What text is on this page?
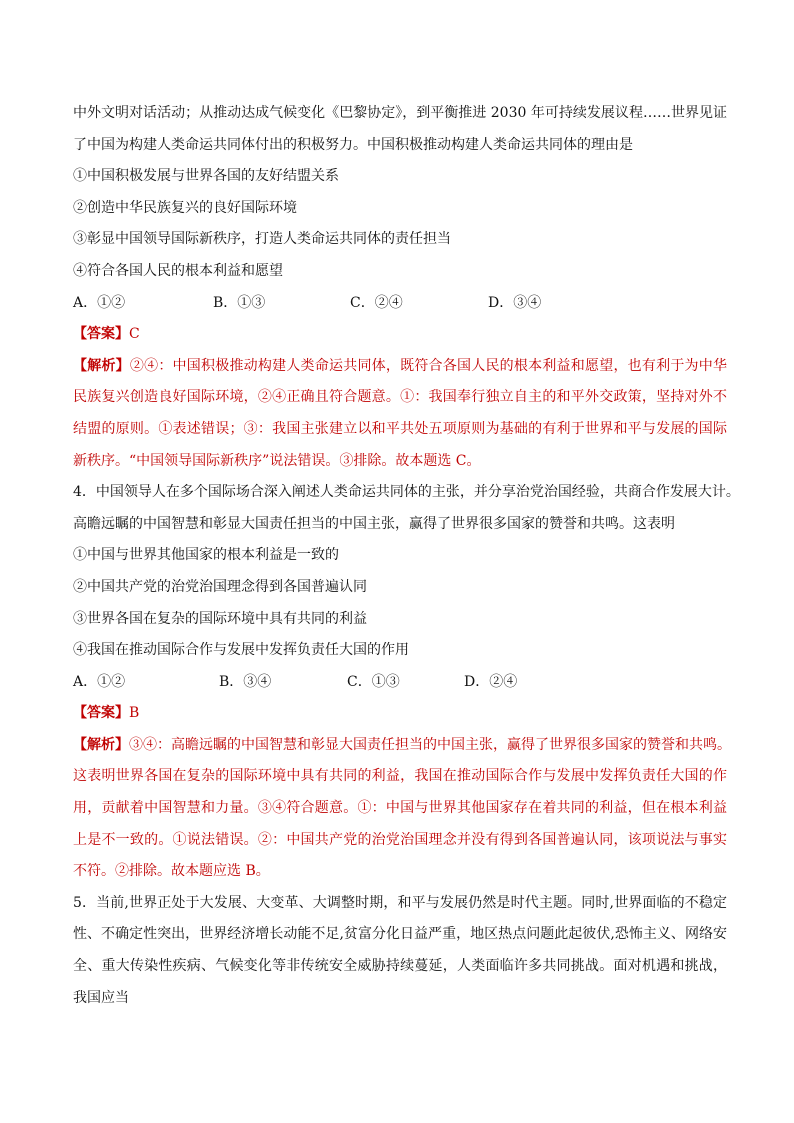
中外文明对话活动；从推动达成气候变化《巴黎协定》，到平衡推进 2030 年可持续发展议程……世界见证
了中国为构建人类命运共同体付出的积极努力。中国积极推动构建人类命运共同体的理由是
①中国积极发展与世界各国的友好结盟关系
②创造中华民族复兴的良好国际环境
③彰显中国领导国际新秩序，打造人类命运共同体的责任担当
④符合各国人民的根本利益和愿望
A．①②	B．①③	C．②④	D．③④
【答案】C
【解析】②④：中国积极推动构建人类命运共同体，既符合各国人民的根本利益和愿望，也有利于为中华
民族复兴创造良好国际环境，②④正确且符合题意。①：我国奉行独立自主的和平外交政策，坚持对外不
结盟的原则。①表述错误；③：我国主张建立以和平共处五项原则为基础的有利于世界和平与发展的国际
新秩序。“中国领导国际新秩序”说法错误。③排除。故本题选 C。
4．中国领导人在多个国际场合深入阐述人类命运共同体的主张，并分享治党治国经验，共商合作发展大计。
高瞻远瞩的中国智慧和彰显大国责任担当的中国主张，赢得了世界很多国家的赞誉和共鸣。这表明
①中国与世界其他国家的根本利益是一致的
②中国共产党的治党治国理念得到各国普遍认同
③世界各国在复杂的国际环境中具有共同的利益
④我国在推动国际合作与发展中发挥负责任大国的作用
A．①②	B．③④	C．①③	D．②④
【答案】B
【解析】③④：高瞻远瞩的中国智慧和彰显大国责任担当的中国主张，赢得了世界很多国家的赞誉和共鸣。
这表明世界各国在复杂的国际环境中具有共同的利益，我国在推动国际合作与发展中发挥负责任大国的作
用，贡献着中国智慧和力量。③④符合题意。①：中国与世界其他国家存在着共同的利益，但在根本利益
上是不一致的。①说法错误。②：中国共产党的治党治国理念并没有得到各国普遍认同，该项说法与事实
不符。②排除。故本题应选 B。
5．当前,世界正处于大发展、大变革、大调整时期，和平与发展仍然是时代主题。同时,世界面临的不稳定
性、不确定性突出，世界经济增长动能不足,贫富分化日益严重，地区热点问题此起彼伏,恐怖主义、网络安
全、重大传染性疾病、气候变化等非传统安全威胁持续蔓延，人类面临许多共同挑战。面对机遇和挑战，
我国应当
